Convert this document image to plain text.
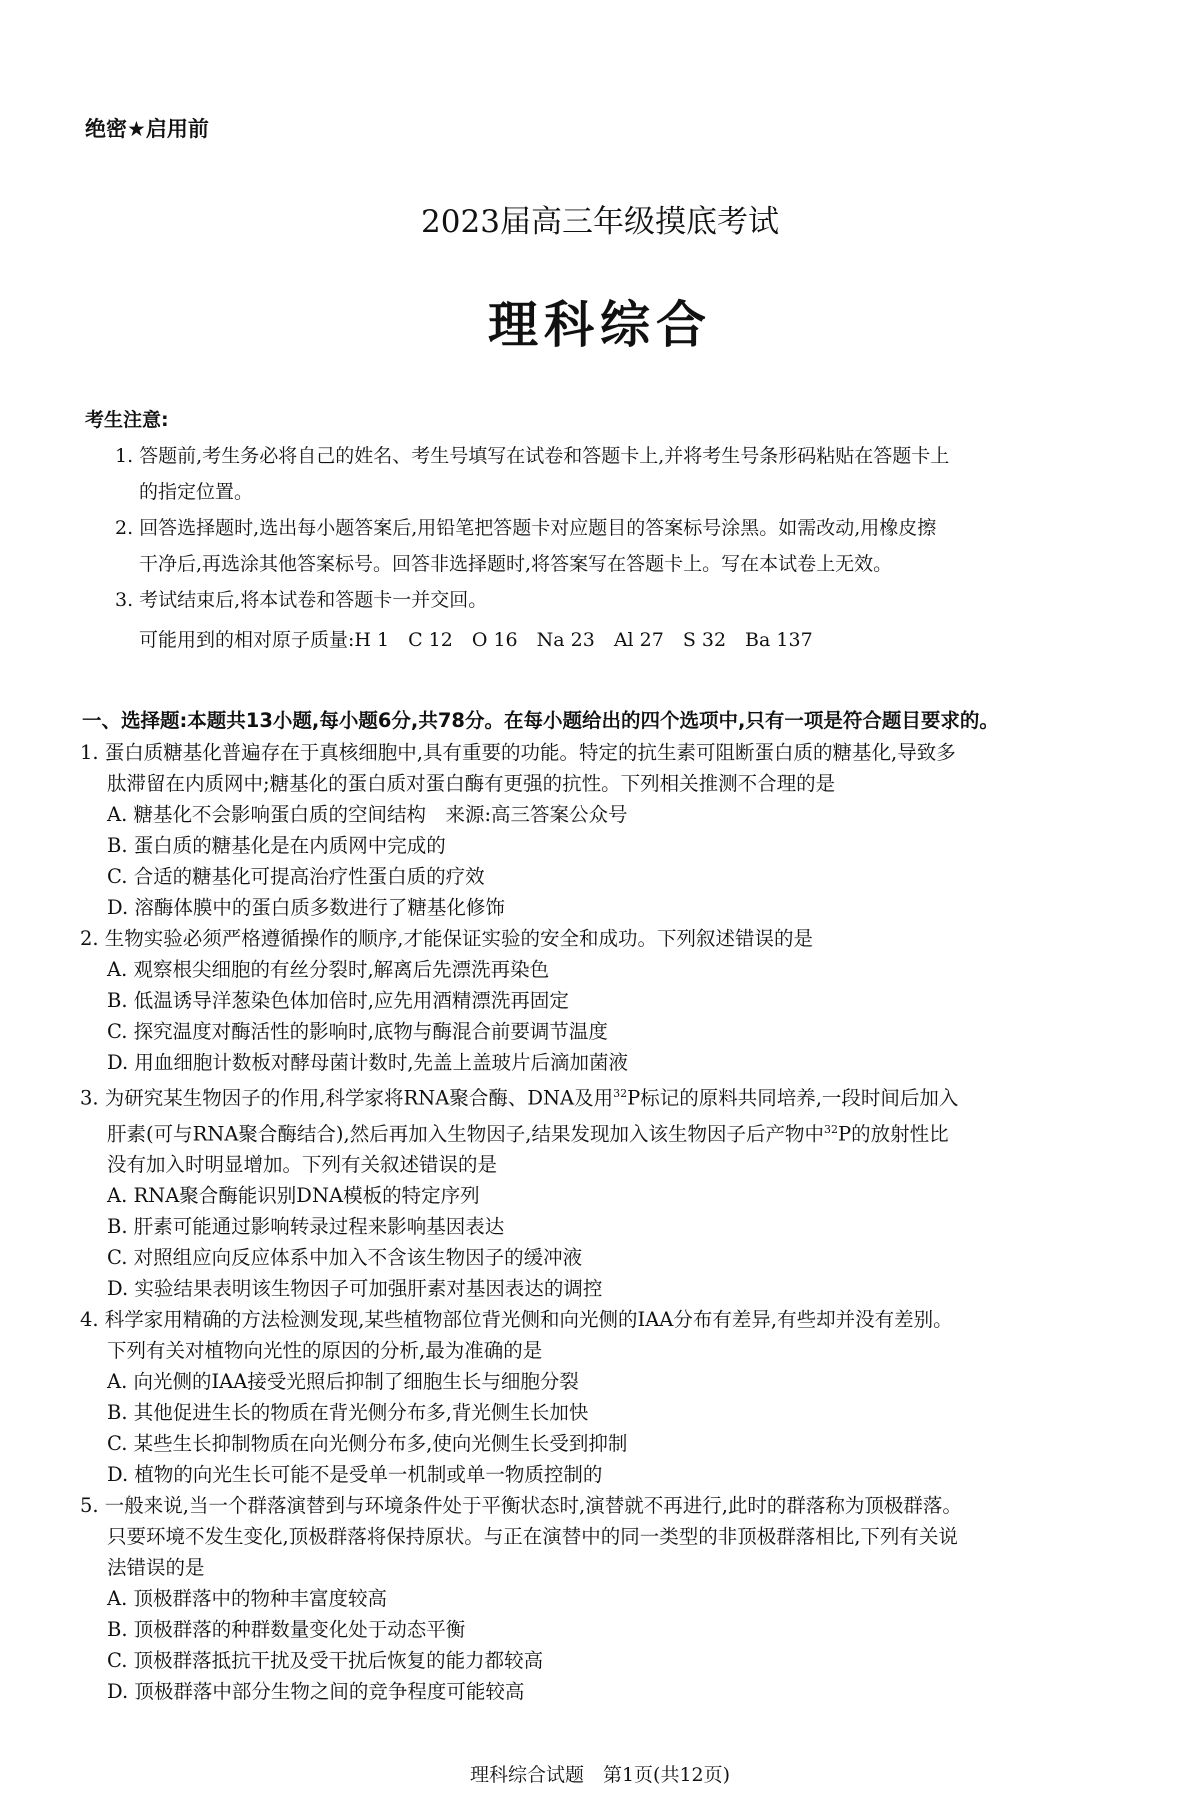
绝密★启用前
2023届高三年级摸底考试
理科综合
考生注意:
1. 答题前,考生务必将自己的姓名、考生号填写在试卷和答题卡上,并将考生号条形码粘贴在答题卡上
的指定位置。
2. 回答选择题时,选出每小题答案后,用铅笔把答题卡对应题目的答案标号涂黑。如需改动,用橡皮擦
干净后,再选涂其他答案标号。回答非选择题时,将答案写在答题卡上。写在本试卷上无效。
3. 考试结束后,将本试卷和答题卡一并交回。
可能用到的相对原子质量:H 1　C 12　O 16　Na 23　Al 27　S 32　Ba 137
一、选择题:本题共13小题,每小题6分,共78分。在每小题给出的四个选项中,只有一项是符合题目要求的。
1. 蛋白质糖基化普遍存在于真核细胞中,具有重要的功能。特定的抗生素可阻断蛋白质的糖基化,导致多
肽滞留在内质网中;糖基化的蛋白质对蛋白酶有更强的抗性。下列相关推测不合理的是
A. 糖基化不会影响蛋白质的空间结构　来源:高三答案公众号
B. 蛋白质的糖基化是在内质网中完成的
C. 合适的糖基化可提高治疗性蛋白质的疗效
D. 溶酶体膜中的蛋白质多数进行了糖基化修饰
2. 生物实验必须严格遵循操作的顺序,才能保证实验的安全和成功。下列叙述错误的是
A. 观察根尖细胞的有丝分裂时,解离后先漂洗再染色
B. 低温诱导洋葱染色体加倍时,应先用酒精漂洗再固定
C. 探究温度对酶活性的影响时,底物与酶混合前要调节温度
D. 用血细胞计数板对酵母菌计数时,先盖上盖玻片后滴加菌液
3. 为研究某生物因子的作用,科学家将RNA聚合酶、DNA及用$^{32}$P标记的原料共同培养,一段时间后加入
肝素(可与RNA聚合酶结合),然后再加入生物因子,结果发现加入该生物因子后产物中$^{32}$P的放射性比
没有加入时明显增加。下列有关叙述错误的是
A. RNA聚合酶能识别DNA模板的特定序列
B. 肝素可能通过影响转录过程来影响基因表达
C. 对照组应向反应体系中加入不含该生物因子的缓冲液
D. 实验结果表明该生物因子可加强肝素对基因表达的调控
4. 科学家用精确的方法检测发现,某些植物部位背光侧和向光侧的IAA分布有差异,有些却并没有差别。
下列有关对植物向光性的原因的分析,最为准确的是
A. 向光侧的IAA接受光照后抑制了细胞生长与细胞分裂
B. 其他促进生长的物质在背光侧分布多,背光侧生长加快
C. 某些生长抑制物质在向光侧分布多,使向光侧生长受到抑制
D. 植物的向光生长可能不是受单一机制或单一物质控制的
5. 一般来说,当一个群落演替到与环境条件处于平衡状态时,演替就不再进行,此时的群落称为顶极群落。
只要环境不发生变化,顶极群落将保持原状。与正在演替中的同一类型的非顶极群落相比,下列有关说
法错误的是
A. 顶极群落中的物种丰富度较高
B. 顶极群落的种群数量变化处于动态平衡
C. 顶极群落抵抗干扰及受干扰后恢复的能力都较高
D. 顶极群落中部分生物之间的竞争程度可能较高
理科综合试题　第1页(共12页)
